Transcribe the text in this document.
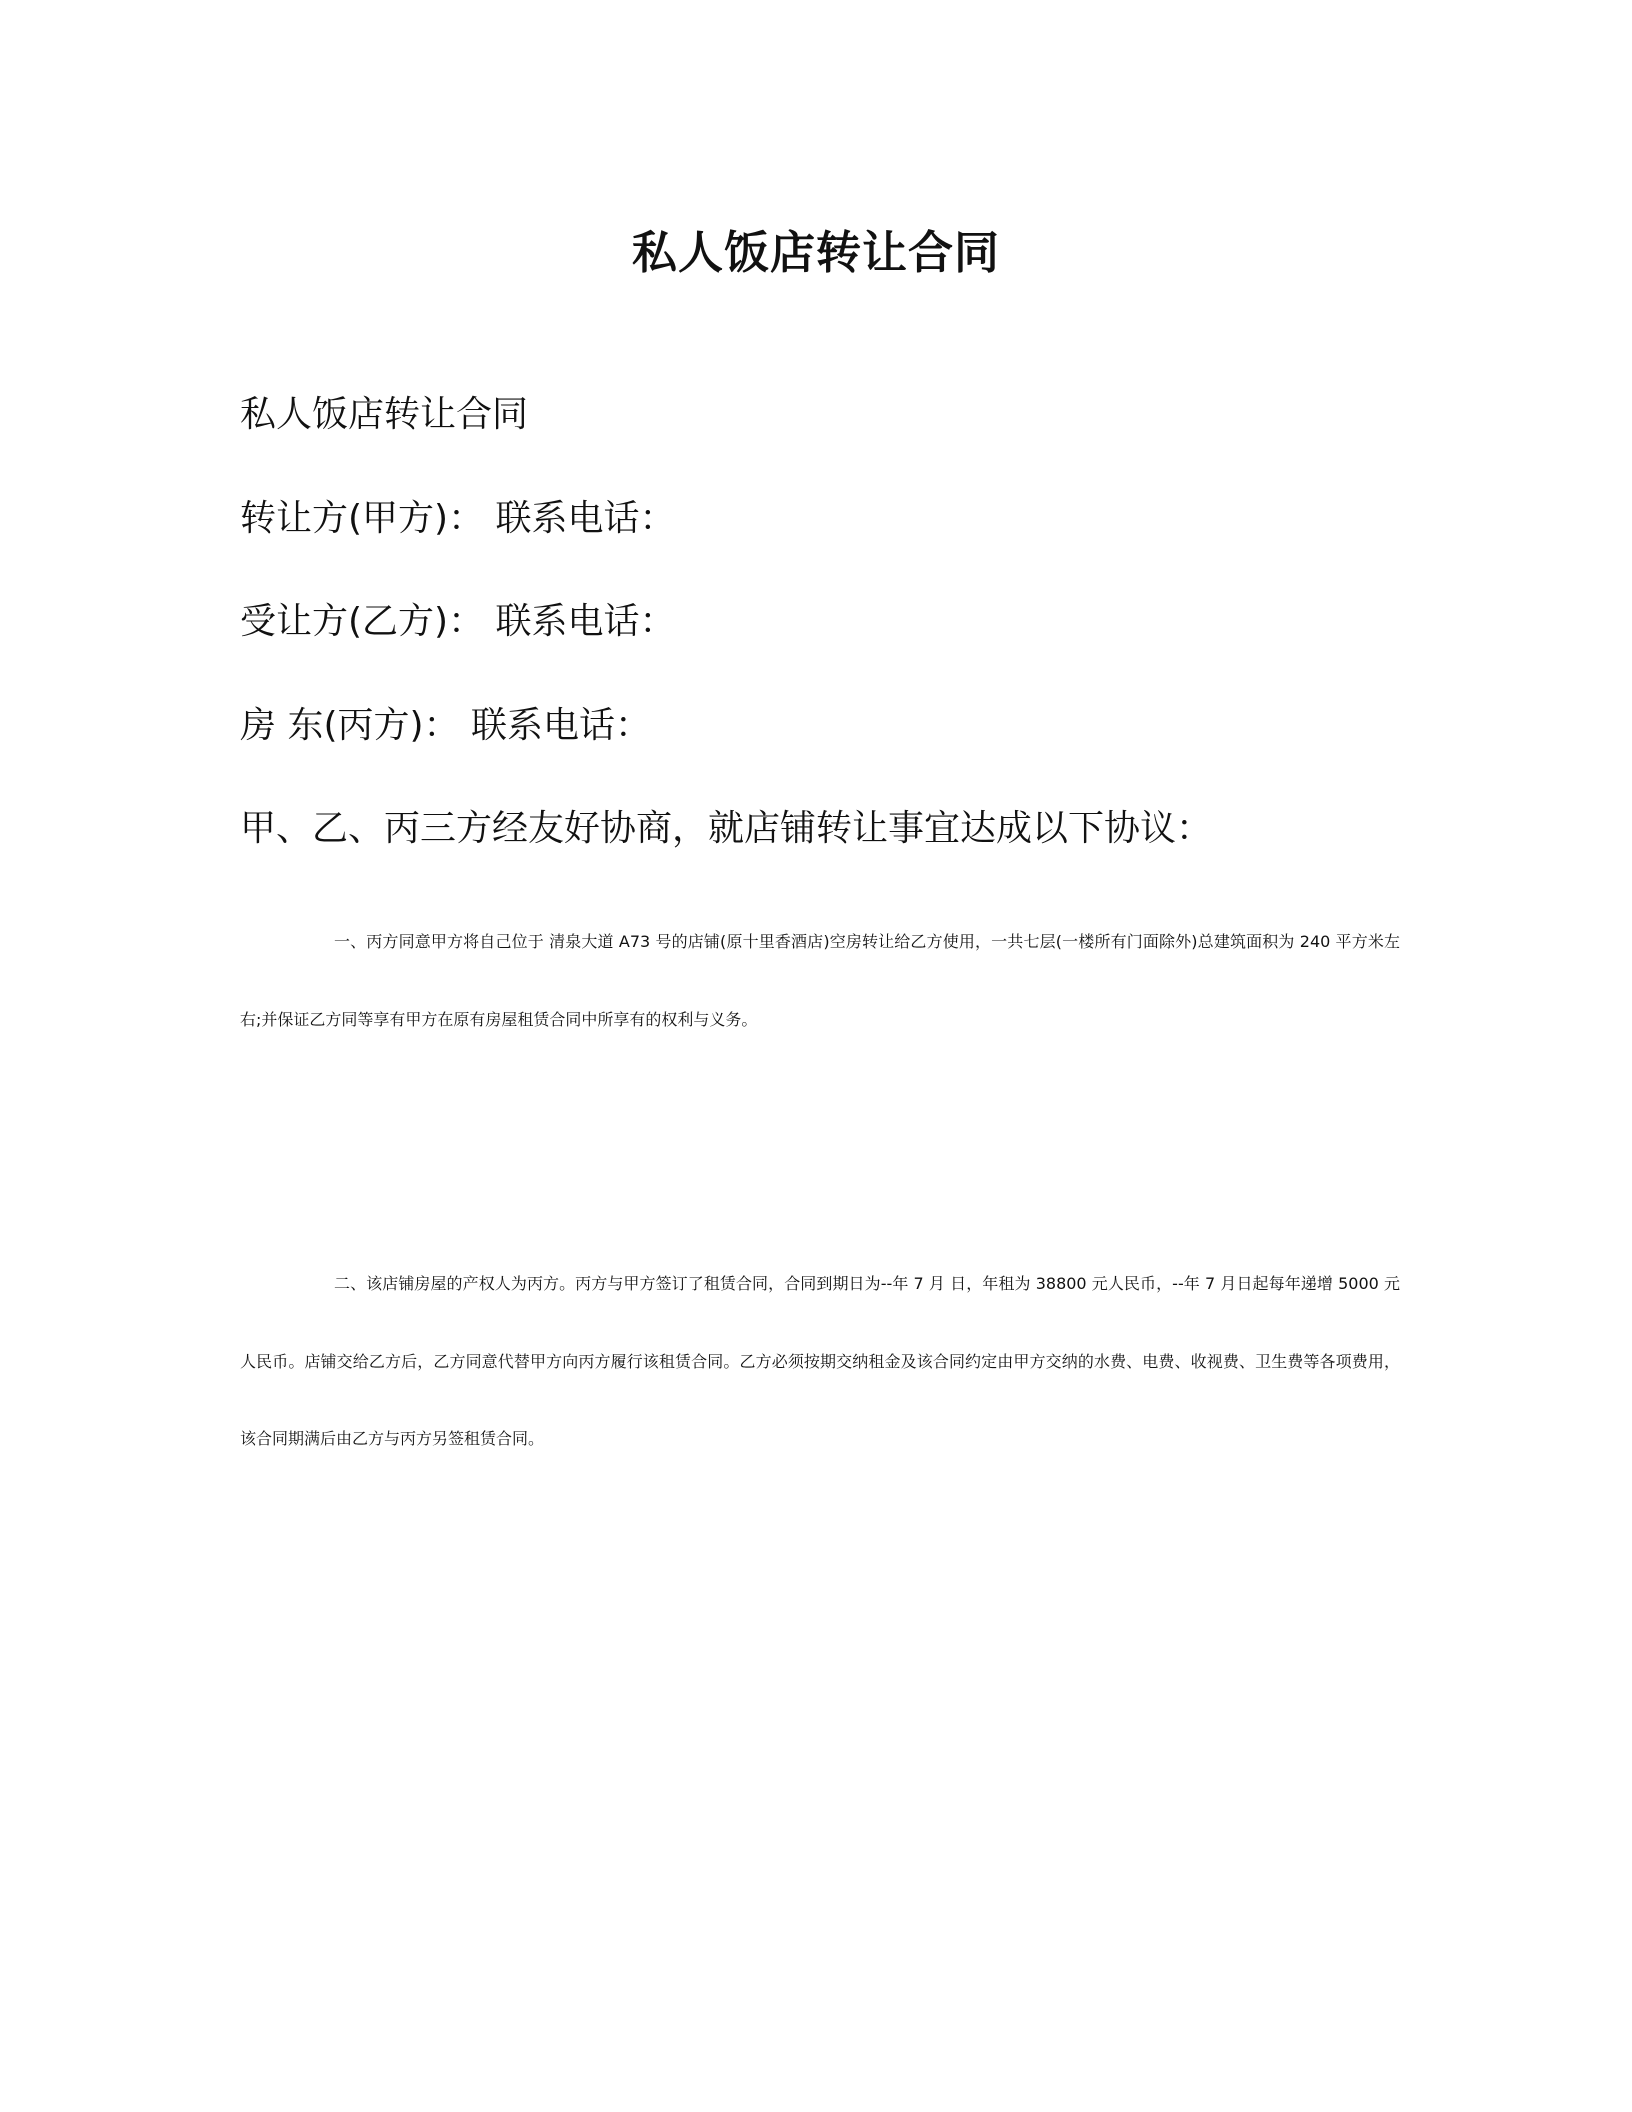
私人饭店转让合同
私人饭店转让合同
转让方(甲方)： 联系电话：
受让方(乙方)： 联系电话：
房 东(丙方)： 联系电话：
甲、乙、丙三方经友好协商，就店铺转让事宜达成以下协议：
一、丙方同意甲方将自己位于 清泉大道 A73 号的店铺(原十里香酒店)空房转让给乙方使用，一共七层(一楼所有门面除外)总建筑面积为 240 平方米左右;并保证乙方同等享有甲方在原有房屋租赁合同中所享有的权利与义务。
二、该店铺房屋的产权人为丙方。丙方与甲方签订了租赁合同，合同到期日为--年 7 月 日，年租为 38800 元人民币，--年 7 月日起每年递增 5000 元人民币。店铺交给乙方后，乙方同意代替甲方向丙方履行该租赁合同。乙方必须按期交纳租金及该合同约定由甲方交纳的水费、电费、收视费、卫生费等各项费用，该合同期满后由乙方与丙方另签租赁合同。
